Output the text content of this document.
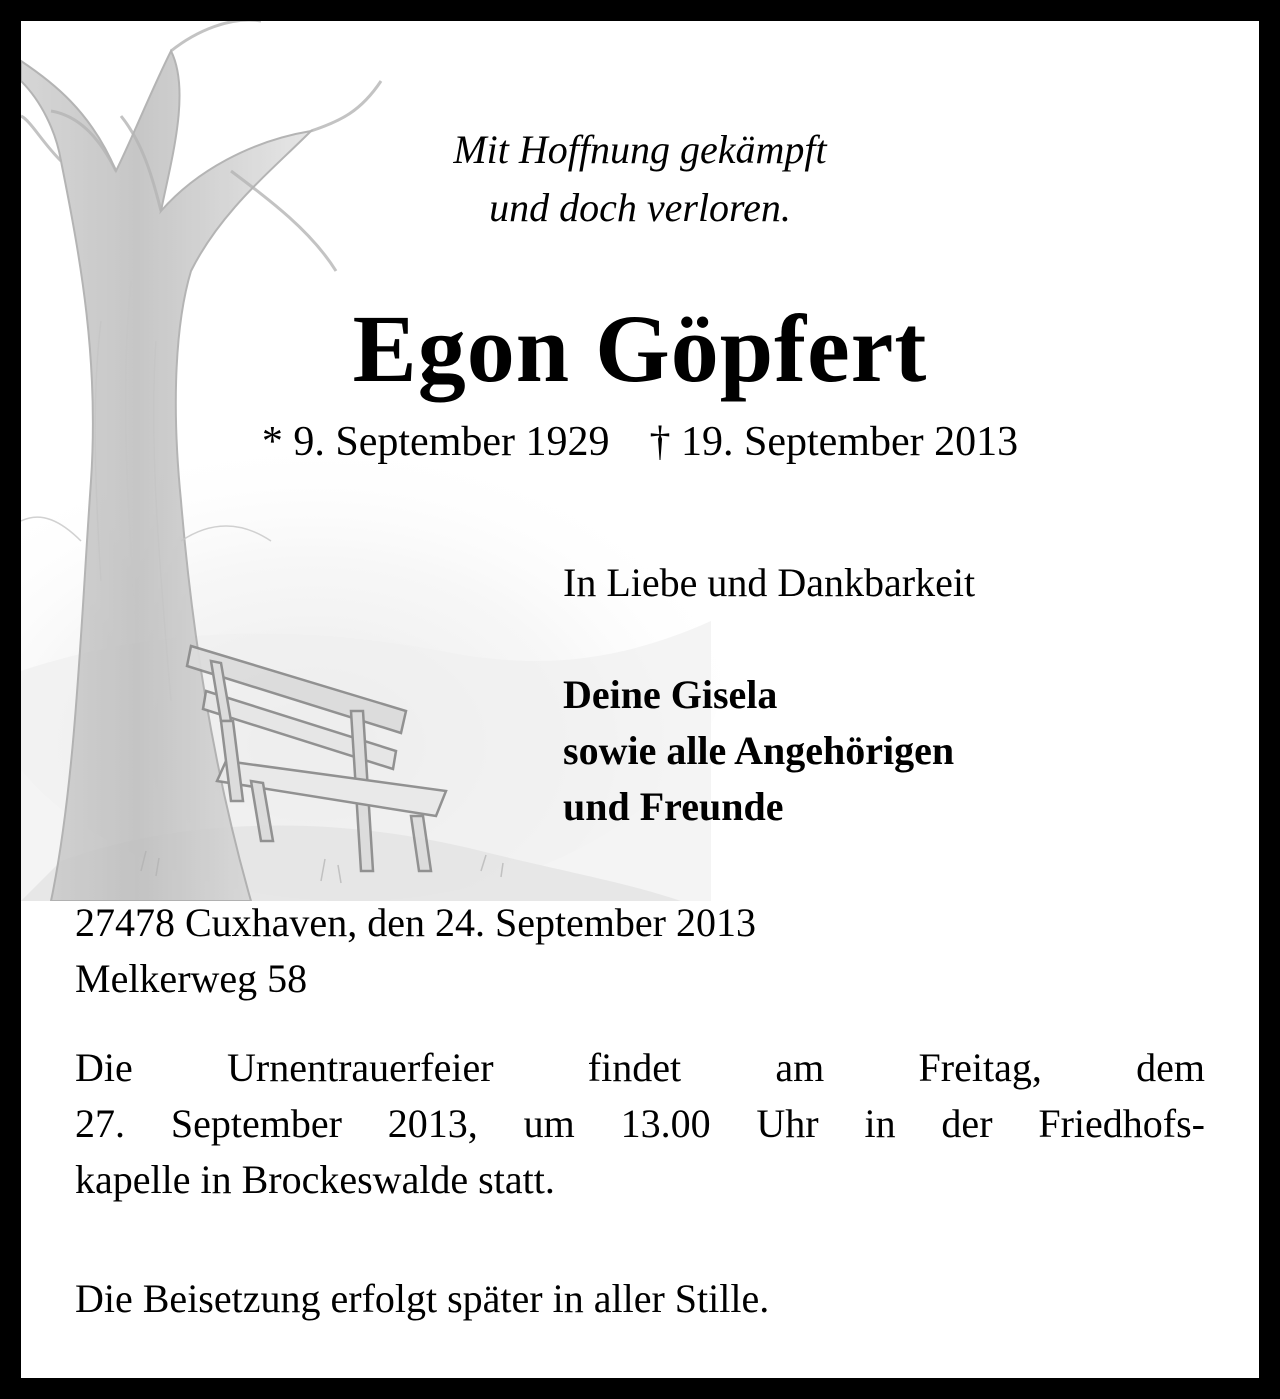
Mit Hoffnung gekämpft
und doch verloren.
Egon Göpfert
* 9. September 1929 † 19. September 2013
In Liebe und Dankbarkeit
Deine Gisela
sowie alle Angehörigen
und Freunde
27478 Cuxhaven, den 24. September 2013
Melkerweg 58
Die Urnentrauerfeier findet am Freitag, dem
27. September 2013, um 13.00 Uhr in der Friedhofs-
kapelle in Brockeswalde statt.
Die Beisetzung erfolgt später in aller Stille.
